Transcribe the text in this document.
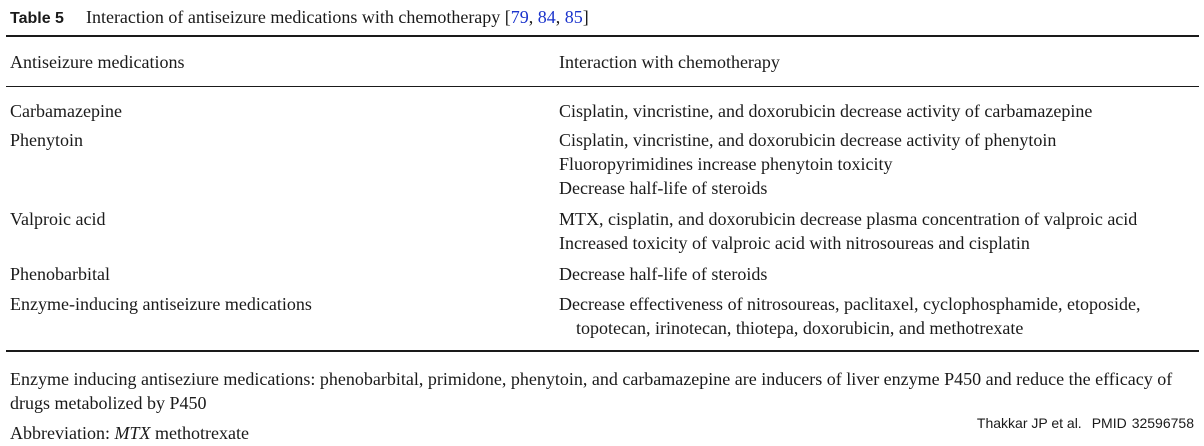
Table 5 Interaction of antiseizure medications with chemotherapy [79, 84, 85]
Antiseizure medications	Interaction with chemotherapy
Carbamazepine	Cisplatin, vincristine, and doxorubicin decrease activity of carbamazepine
Phenytoin	Cisplatin, vincristine, and doxorubicin decrease activity of phenytoin
Fluoropyrimidines increase phenytoin toxicity
Decrease half-life of steroids
Valproic acid	MTX, cisplatin, and doxorubicin decrease plasma concentration of valproic acid
Increased toxicity of valproic acid with nitrosoureas and cisplatin
Phenobarbital	Decrease half-life of steroids
Enzyme-inducing antiseizure medications	Decrease effectiveness of nitrosoureas, paclitaxel, cyclophosphamide, etoposide,
topotecan, irinotecan, thiotepa, doxorubicin, and methotrexate
Enzyme inducing antiseziure medications: phenobarbital, primidone, phenytoin, and carbamazepine are inducers of liver enzyme P450 and reduce the efficacy of drugs metabolized by P450
Abbreviation: MTX methotrexate	Thakkar JP et al. PMID 32596758
